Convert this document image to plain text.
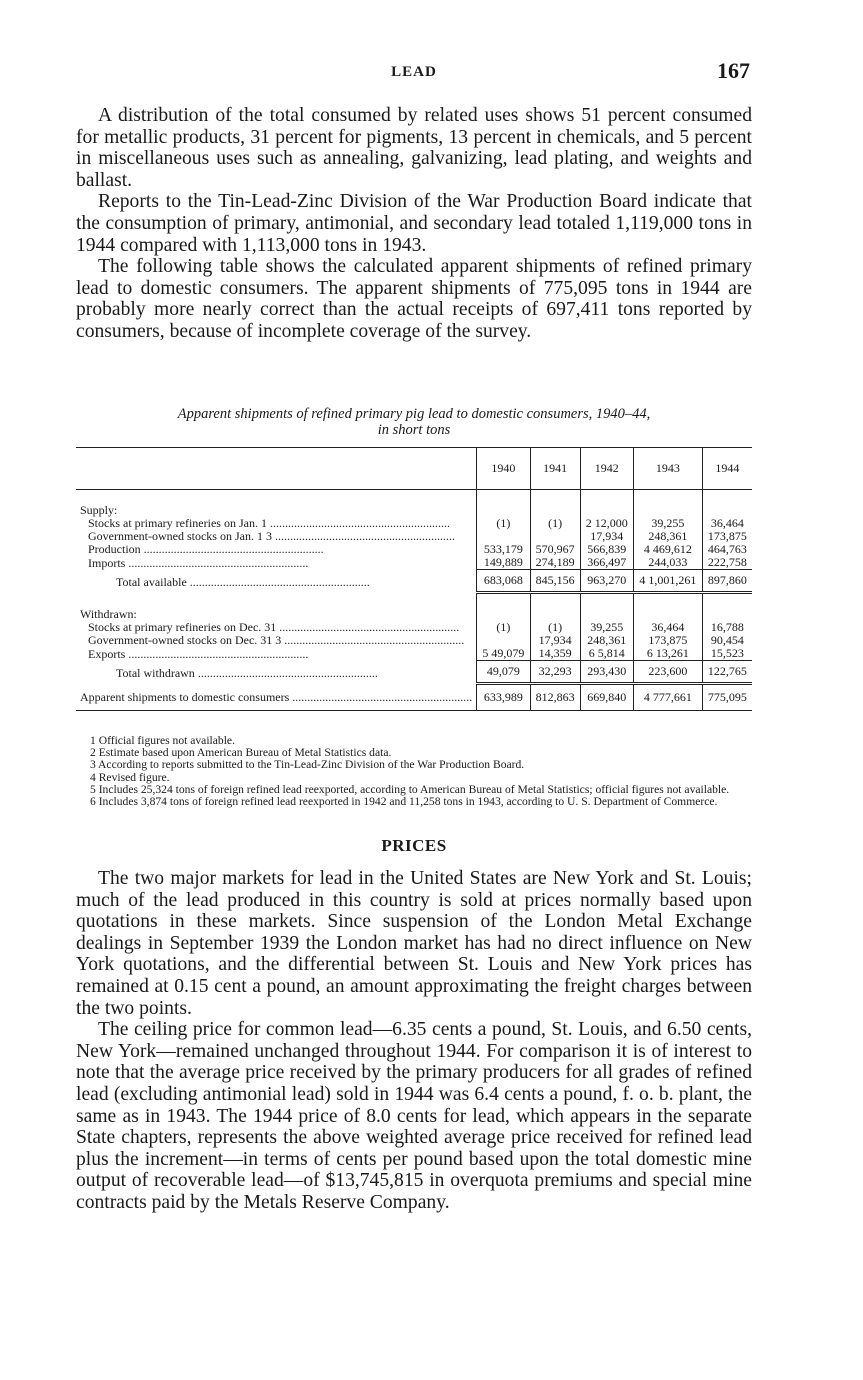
LEAD	167

A distribution of the total consumed by related uses shows 51 percent consumed for metallic products, 31 percent for pigments, 13 percent in chemicals, and 5 percent in miscellaneous uses such as annealing, galvanizing, lead plating, and weights and ballast.

Reports to the Tin-Lead-Zinc Division of the War Production Board indicate that the consumption of primary, antimonial, and secondary lead totaled 1,119,000 tons in 1944 compared with 1,113,000 tons in 1943.

The following table shows the calculated apparent shipments of refined primary lead to domestic consumers. The apparent shipments of 775,095 tons in 1944 are probably more nearly correct than the actual receipts of 697,411 tons reported by consumers, because of incomplete coverage of the survey.

Apparent shipments of refined primary pig lead to domestic consumers, 1940–44,
in short tons
	1940	1941	1942	1943	1944

Supply:					
Stocks at primary refineries on Jan. 1 .....	(1)	(1)	2 12,000	39,255	36,464
Government-owned stocks on Jan. 1 3 .....			17,934	248,361	173,875
Production .....	533,179	570,967	566,839	4 469,612	464,763
Imports .....	149,889	274,189	366,497	244,033	222,758
Total available .....	683,068	845,156	963,270	4 1,001,261	897,860

Withdrawn:					
Stocks at primary refineries on Dec. 31 .....	(1)	(1)	39,255	36,464	16,788
Government-owned stocks on Dec. 31 3 .....		17,934	248,361	173,875	90,454
Exports .....	5 49,079	14,359	6 5,814	6 13,261	15,523
Total withdrawn .....	49,079	32,293	293,430	223,600	122,765
Apparent shipments to domestic consumers .....	633,989	812,863	669,840	4 777,661	775,095

1 Official figures not available.

2 Estimate based upon American Bureau of Metal Statistics data.

3 According to reports submitted to the Tin-Lead-Zinc Division of the War Production Board.

4 Revised figure.

5 Includes 25,324 tons of foreign refined lead reexported, according to American Bureau of Metal Statistics; official figures not available.

6 Includes 3,874 tons of foreign refined lead reexported in 1942 and 11,258 tons in 1943, according to U. S. Department of Commerce.

PRICES

The two major markets for lead in the United States are New York and St. Louis; much of the lead produced in this country is sold at prices normally based upon quotations in these markets. Since suspension of the London Metal Exchange dealings in September 1939 the London market has had no direct influence on New York quotations, and the differential between St. Louis and New York prices has remained at 0.15 cent a pound, an amount approximating the freight charges between the two points.

The ceiling price for common lead—6.35 cents a pound, St. Louis, and 6.50 cents, New York—remained unchanged throughout 1944. For comparison it is of interest to note that the average price received by the primary producers for all grades of refined lead (excluding antimonial lead) sold in 1944 was 6.4 cents a pound, f. o. b. plant, the same as in 1943. The 1944 price of 8.0 cents for lead, which appears in the separate State chapters, represents the above weighted average price received for refined lead plus the increment—in terms of cents per pound based upon the total domestic mine output of recoverable lead—of $13,745,815 in overquota premiums and special mine contracts paid by the Metals Reserve Company.
